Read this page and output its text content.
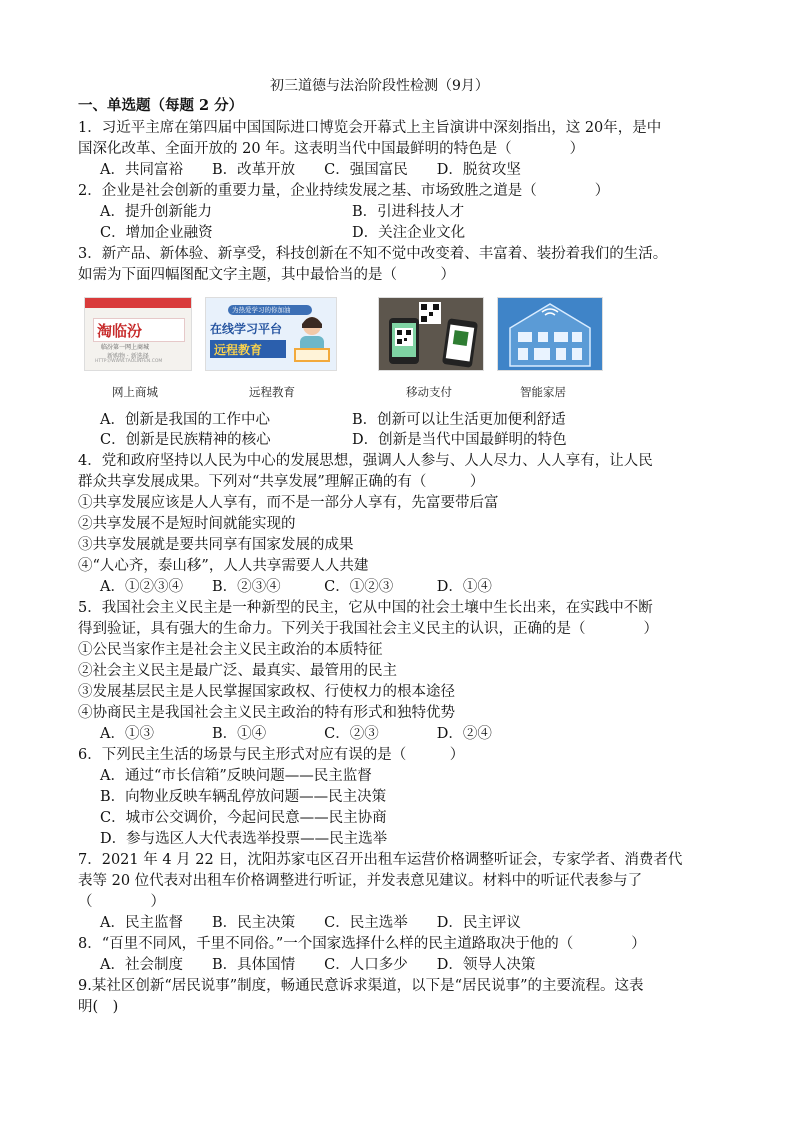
初三道德与法治阶段性检测（9月）
一、单选题（每题 2 分）
1．习近平主席在第四届中国国际进口博览会开幕式上主旨演讲中深刻指出，这 20年，是中
国深化改革、全面开放的 20 年。这表明当代中国最鲜明的特色是（　　　　）
A．共同富裕　　B．改革开放　　C．强国富民　　D．脱贫攻坚
2．企业是社会创新的重要力量，企业持续发展之基、市场致胜之道是（　　　　）
A．提升创新能力	B．引进科技人才
C．增加企业融资	D．关注企业文化
3．新产品、新体验、新享受，科技创新在不知不觉中改变着、丰富着、装扮着我们的生活。
如需为下面四幅图配文字主题，其中最恰当的是（　　　）
淘临汾
临汾第一网上商城
新购物 · 新选择
HTTP://WWW.TAOLINFEN.COM
为热爱学习的你加油
在线学习平台
远程教育
网上商城	远程教育	移动支付	智能家居
A．创新是我国的工作中心	B．创新可以让生活更加便利舒适
C．创新是民族精神的核心	D．创新是当代中国最鲜明的特色
4．党和政府坚持以人民为中心的发展思想，强调人人参与、人人尽力、人人享有，让人民
群众共享发展成果。下列对“共享发展”理解正确的有（　　　）
①共享发展应该是人人享有，而不是一部分人享有，先富要带后富
②共享发展不是短时间就能实现的
③共享发展就是要共同享有国家发展的成果
④“人心齐，泰山移”，人人共享需要人人共建
A．①②③④　　B．②③④　　　C．①②③　　　D．①④
5．我国社会主义民主是一种新型的民主，它从中国的社会土壤中生长出来，在实践中不断
得到验证，具有强大的生命力。下列关于我国社会主义民主的认识，正确的是（　　　　）
①公民当家作主是社会主义民主政治的本质特征
②社会主义民主是最广泛、最真实、最管用的民主
③发展基层民主是人民掌握国家政权、行使权力的根本途径
④协商民主是我国社会主义民主政治的特有形式和独特优势
A．①③　　　　B．①④　　　　C．②③　　　　D．②④
6．下列民主生活的场景与民主形式对应有误的是（　　　）
A．通过“市长信箱”反映问题——民主监督
B．向物业反映车辆乱停放问题——民主决策
C．城市公交调价，今起问民意——民主协商
D．参与选区人大代表选举投票——民主选举
7．2021 年 4 月 22 日，沈阳苏家屯区召开出租车运营价格调整听证会，专家学者、消费者代
表等 20 位代表对出租车价格调整进行听证，并发表意见建议。材料中的听证代表参与了
（　　　　）
A．民主监督　　B．民主决策　　C．民主选举　　D．民主评议
8．“百里不同风，千里不同俗。”一个国家选择什么样的民主道路取决于他的（　　　　）
A．社会制度　　B．具体国情　　C．人口多少　　D．领导人决策
9.某社区创新“居民说事”制度，畅通民意诉求渠道，以下是“居民说事”的主要流程。这表
明(　)
